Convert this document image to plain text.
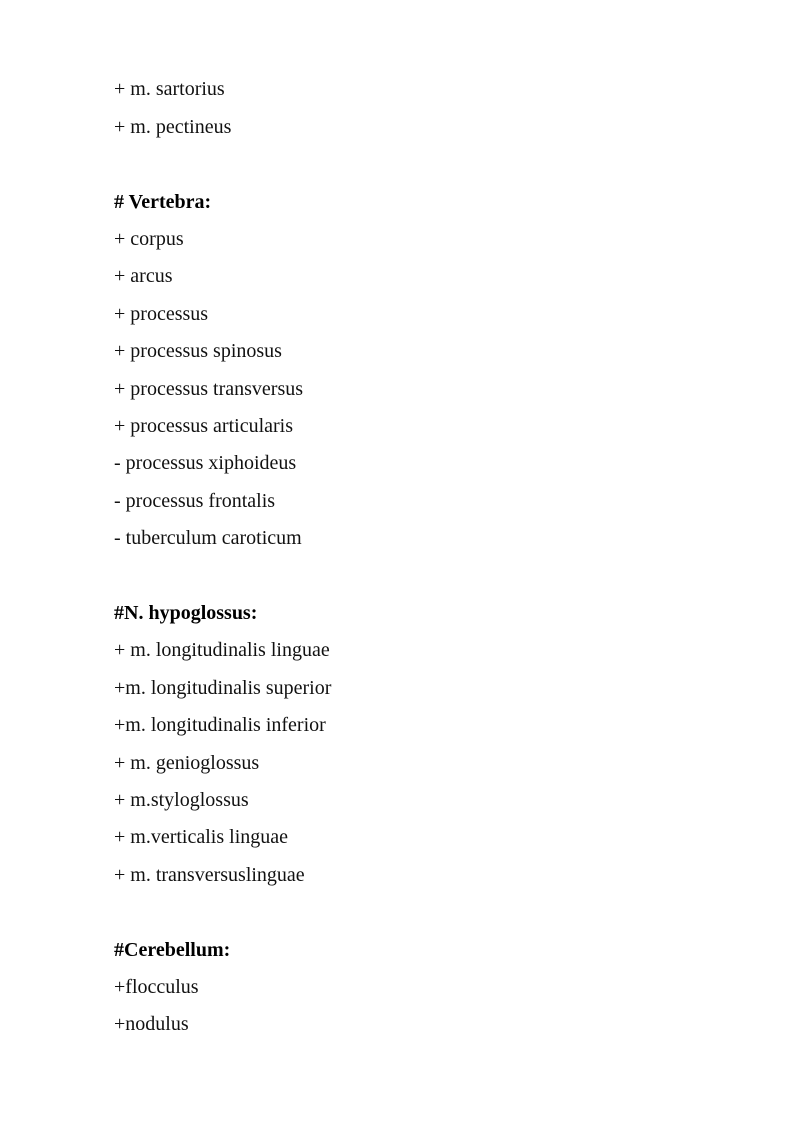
+ m. sartorius
+ m. pectineus
# Vertebra:
+ corpus
+ arcus
+ processus
+ processus spinosus
+ processus transversus
+ processus articularis
- processus xiphoideus
- processus frontalis
- tuberculum caroticum
#N. hypoglossus:
+ m. longitudinalis linguae
+m. longitudinalis superior
+m. longitudinalis inferior
+ m. genioglossus
+ m.styloglossus
+ m.verticalis linguae
+ m. transversuslinguae
#Cerebellum:
+flocculus
+nodulus
